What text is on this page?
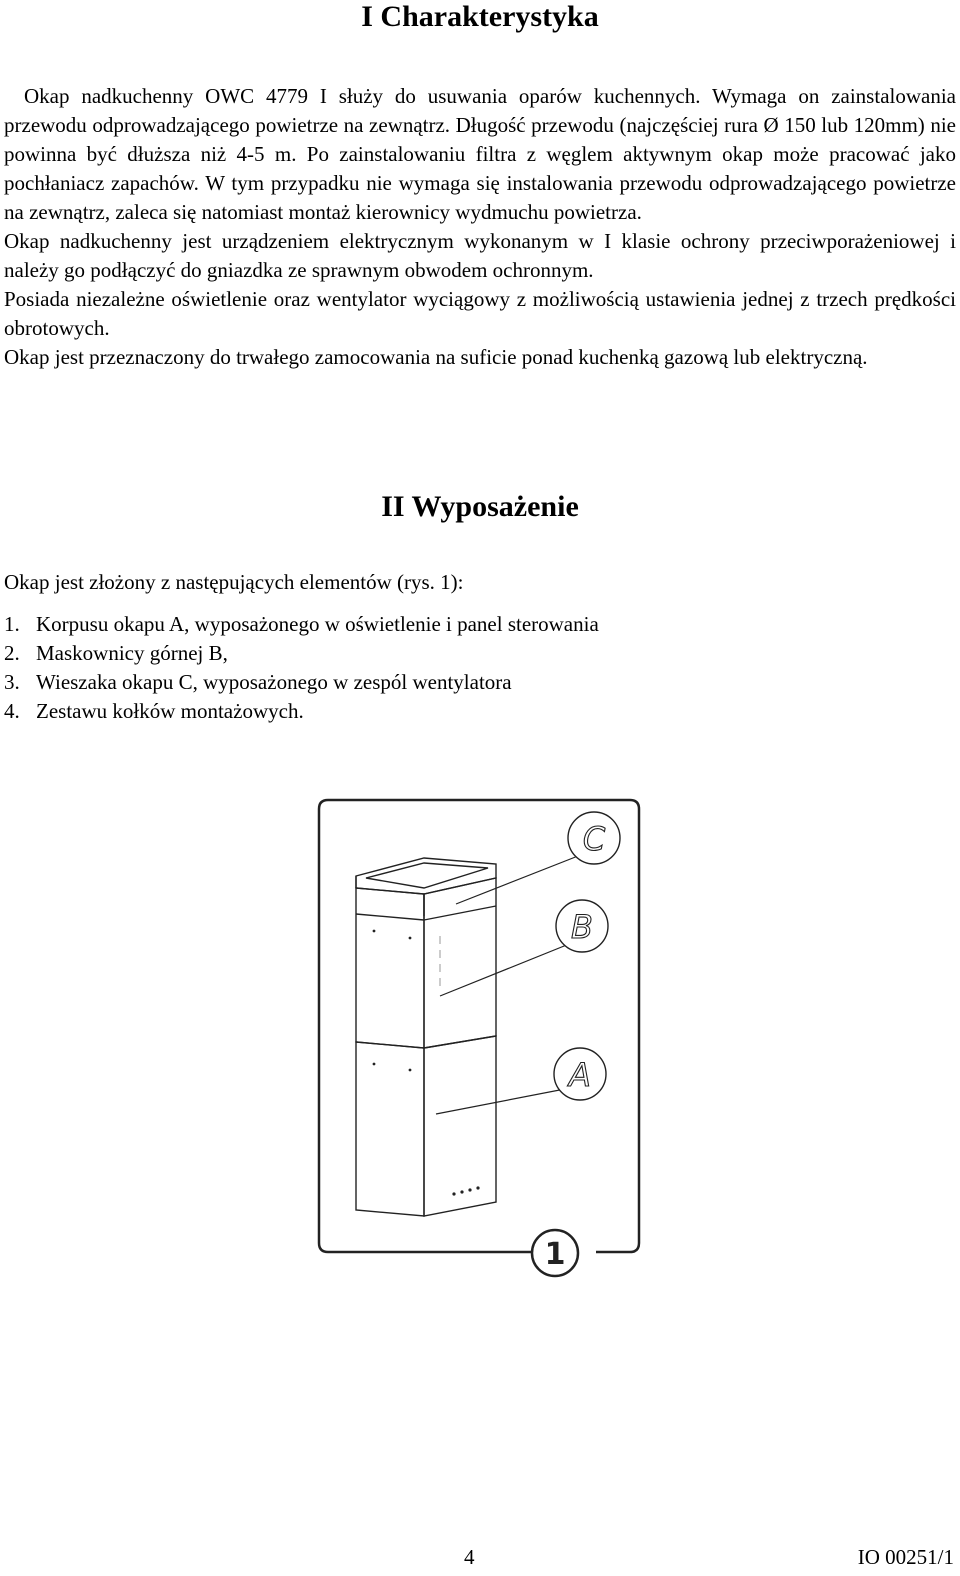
I Charakterystyka

Okap nadkuchenny OWC 4779 I służy do usuwania oparów kuchennych. Wymaga on zainstalowania przewodu odprowadzającego powietrze na zewnątrz. Długość przewodu (najczęściej rura Ø 150 lub 120mm) nie powinna być dłuższa niż 4-5 m. Po zainstalowaniu filtra z węglem aktywnym okap może pracować jako pochłaniacz zapachów. W tym przypadku nie wymaga się instalowania przewodu odprowadzającego powietrze na zewnątrz, zaleca się natomiast montaż kierownicy wydmuchu powietrza.

Okap nadkuchenny jest urządzeniem elektrycznym wykonanym w I klasie ochrony przeciwporażeniowej i należy go podłączyć do gniazdka ze sprawnym obwodem ochronnym.

Posiada niezależne oświetlenie oraz wentylator wyciągowy z możliwością ustawienia jednej z trzech prędkości obrotowych.

Okap jest przeznaczony do trwałego zamocowania na suficie ponad kuchenką gazową lub elektryczną.

II Wyposażenie

Okap jest złożony z następujących elementów (rys. 1):

1. Korpusu okapu A, wyposażonego w oświetlenie i panel sterowania
2. Maskownicy górnej B,
3. Wieszaka okapu C, wyposażonego w zespól wentylatora
4. Zestawu kołków montażowych.
C
B
A
1
4	IO 00251/1
